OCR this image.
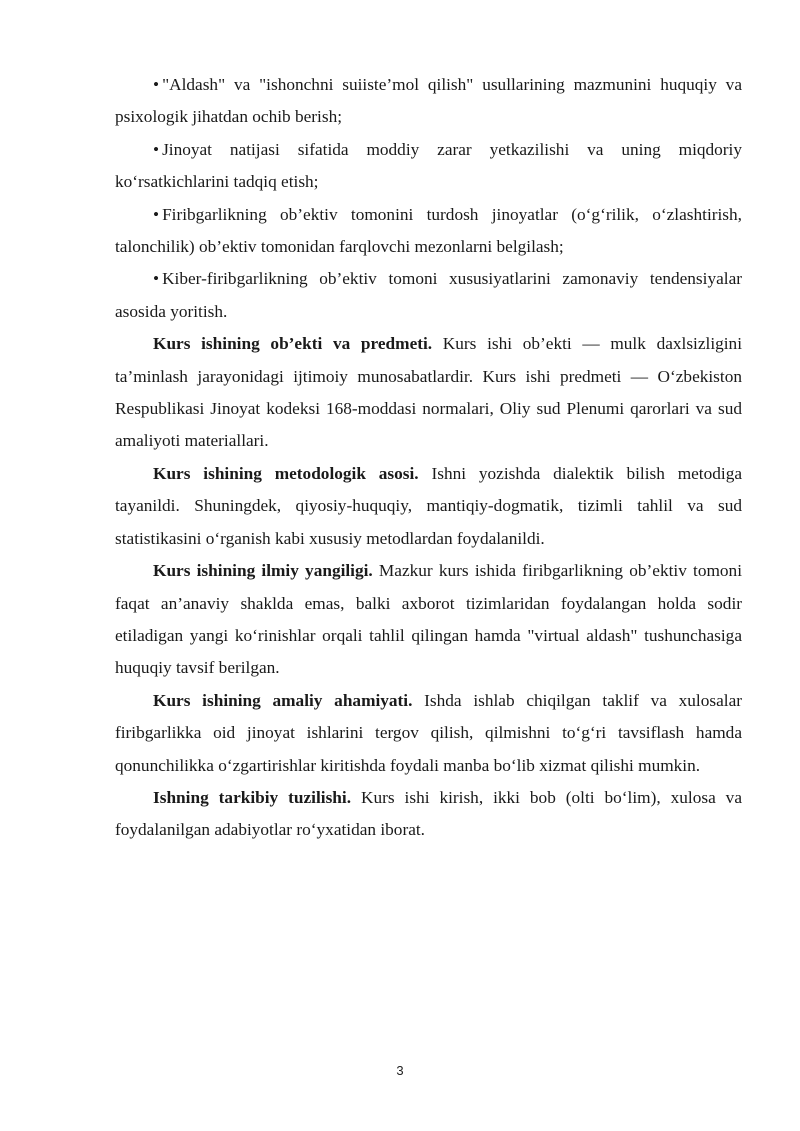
• "Aldash" va "ishonchni suiiste’mol qilish" usullarining mazmunini huquqiy va psixologik jihatdan ochib berish;

• Jinoyat natijasi sifatida moddiy zarar yetkazilishi va uning miqdoriy ko‘rsatkichlarini tadqiq etish;

• Firibgarlikning ob’ektiv tomonini turdosh jinoyatlar (o‘g‘rilik, o‘zlashtirish, talonchilik) ob’ektiv tomonidan farqlovchi mezonlarni belgilash;

• Kiber-firibgarlikning ob’ektiv tomoni xususiyatlarini zamonaviy tendensiyalar asosida yoritish.

Kurs ishining ob’ekti va predmeti. Kurs ishi ob’ekti — mulk daxlsizligini ta’minlash jarayonidagi ijtimoiy munosabatlardir. Kurs ishi predmeti — O‘zbekiston Respublikasi Jinoyat kodeksi 168-moddasi normalari, Oliy sud Plenumi qarorlari va sud amaliyoti materiallari.

Kurs ishining metodologik asosi. Ishni yozishda dialektik bilish metodiga tayanildi. Shuningdek, qiyosiy-huquqiy, mantiqiy-dogmatik, tizimli tahlil va sud statistikasini o‘rganish kabi xususiy metodlardan foydalanildi.

Kurs ishining ilmiy yangiligi. Mazkur kurs ishida firibgarlikning ob’ektiv tomoni faqat an’anaviy shaklda emas, balki axborot tizimlaridan foydalangan holda sodir etiladigan yangi ko‘rinishlar orqali tahlil qilingan hamda "virtual aldash" tushunchasiga huquqiy tavsif berilgan.

Kurs ishining amaliy ahamiyati. Ishda ishlab chiqilgan taklif va xulosalar firibgarlikka oid jinoyat ishlarini tergov qilish, qilmishni to‘g‘ri tavsiflash hamda qonunchilikka o‘zgartirishlar kiritishda foydali manba bo‘lib xizmat qilishi mumkin.

Ishning tarkibiy tuzilishi. Kurs ishi kirish, ikki bob (olti bo‘lim), xulosa va foydalanilgan adabiyotlar ro‘yxatidan iborat.

3
